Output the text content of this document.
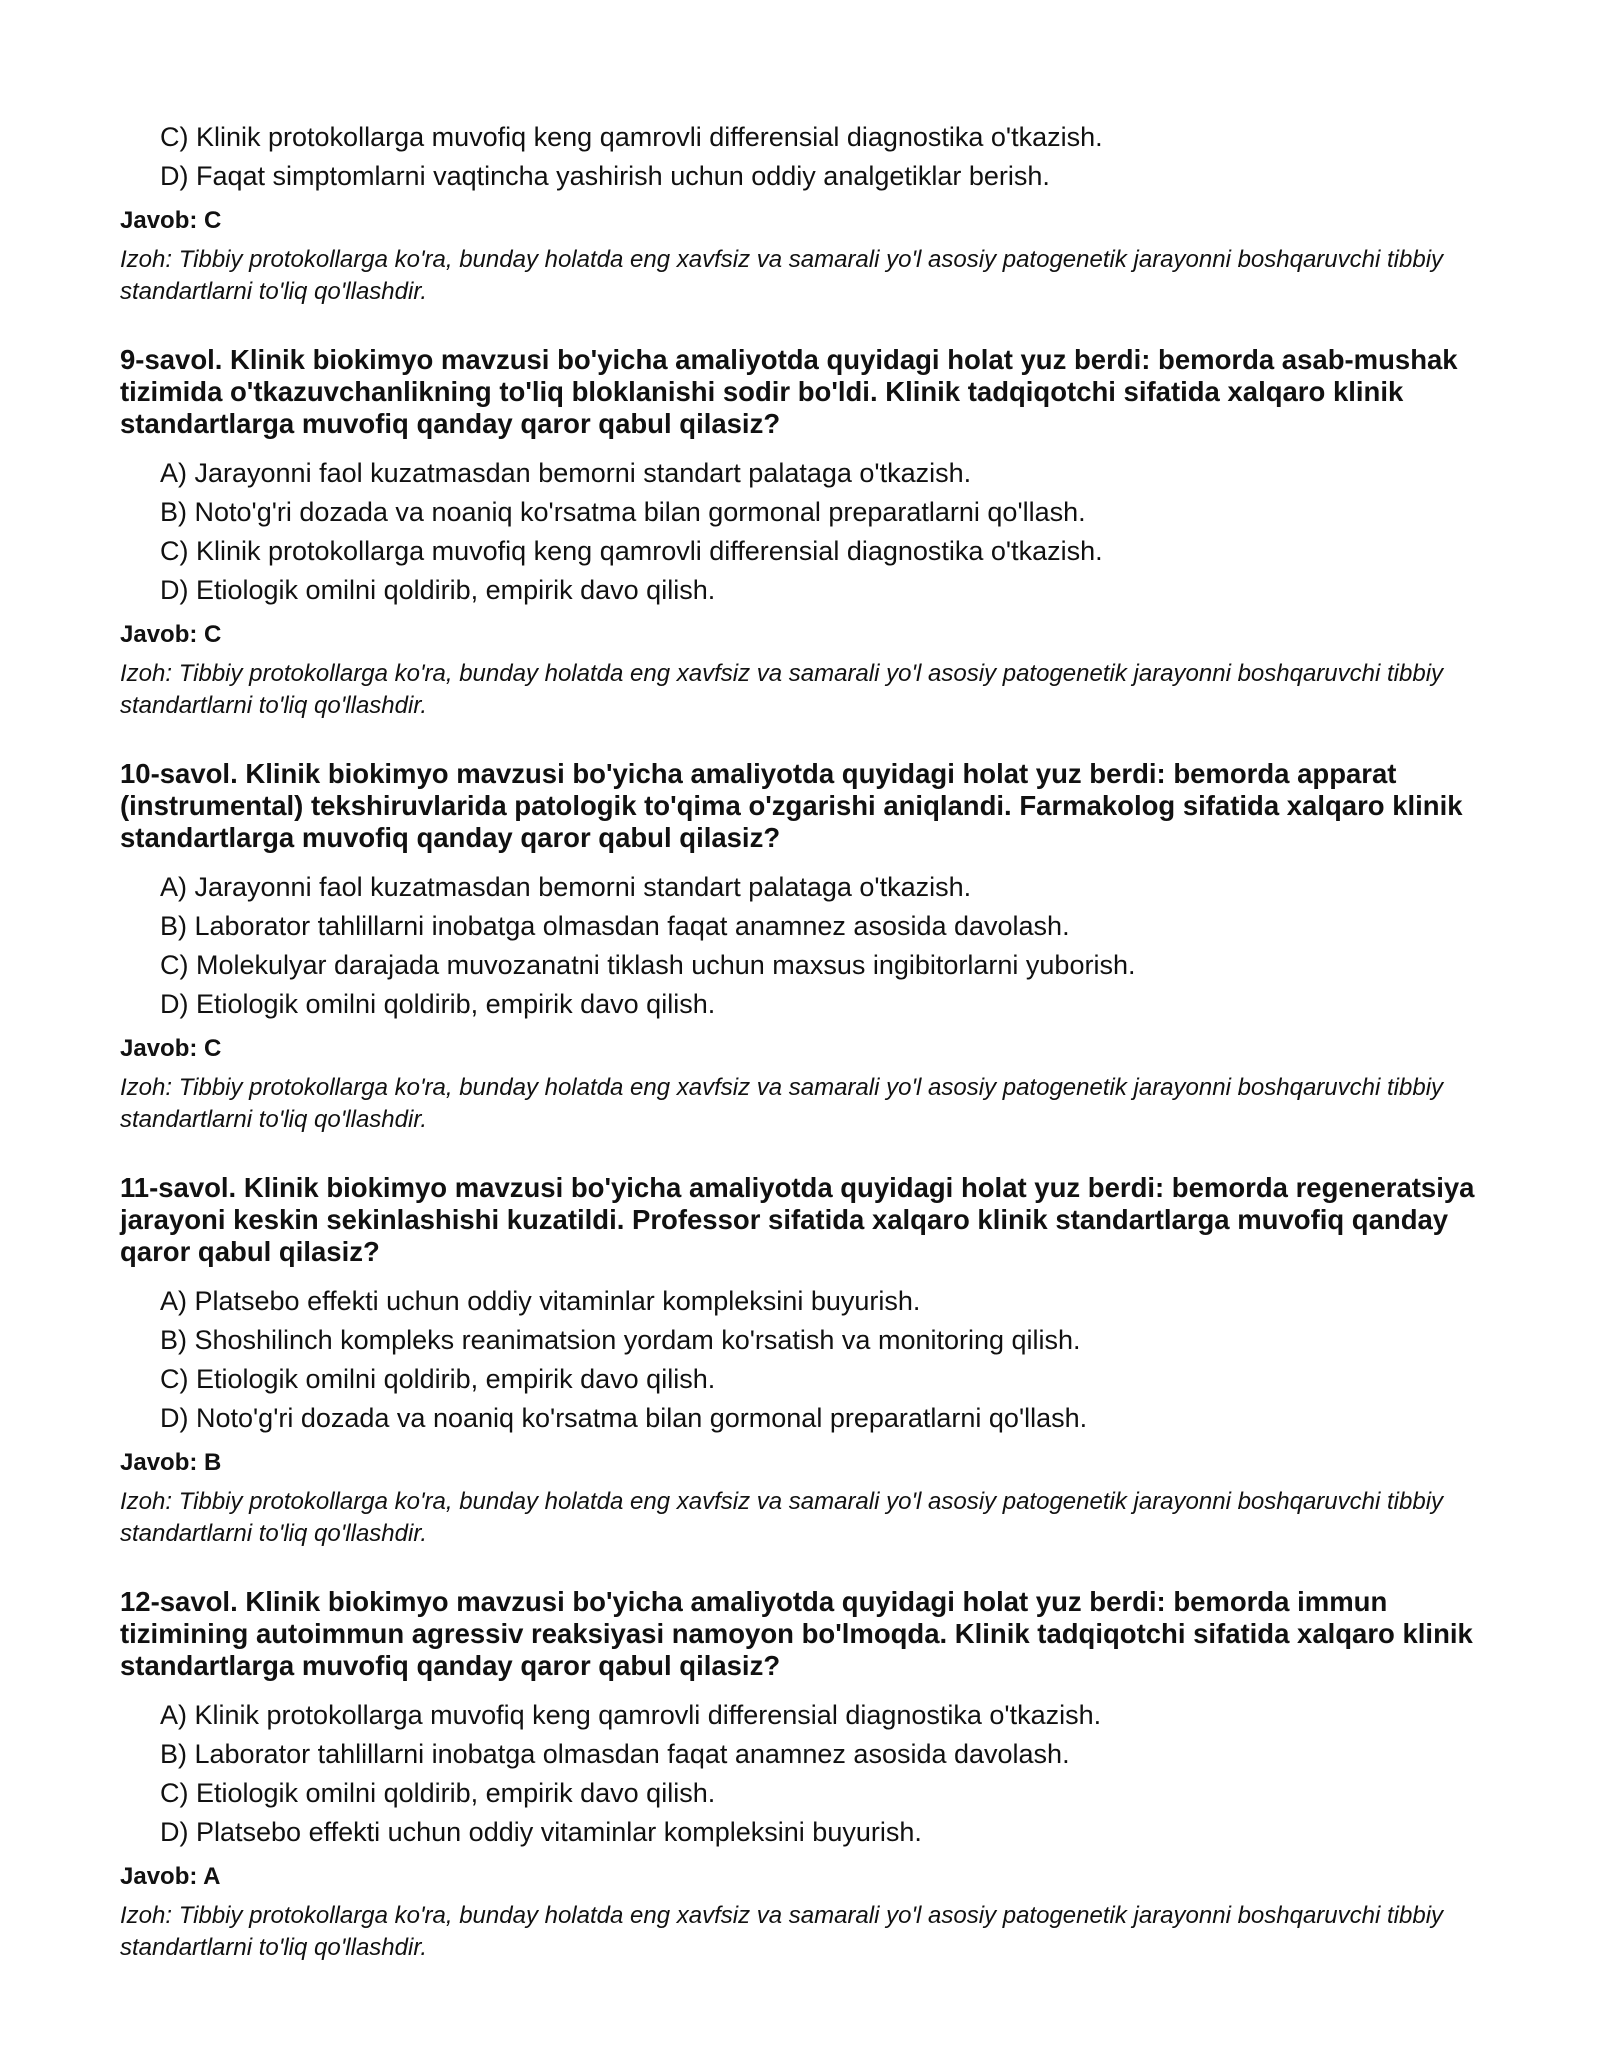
C) Klinik protokollarga muvofiq keng qamrovli differensial diagnostika o'tkazish.
D) Faqat simptomlarni vaqtincha yashirish uchun oddiy analgetiklar berish.
Javob: C
Izoh: Tibbiy protokollarga ko'ra, bunday holatda eng xavfsiz va samarali yo'l asosiy patogenetik jarayonni boshqaruvchi tibbiy standartlarni to'liq qo'llashdir.
9-savol. Klinik biokimyo mavzusi bo'yicha amaliyotda quyidagi holat yuz berdi: bemorda asab-mushak tizimida o'tkazuvchanlikning to'liq bloklanishi sodir bo'ldi. Klinik tadqiqotchi sifatida xalqaro klinik standartlarga muvofiq qanday qaror qabul qilasiz?
A) Jarayonni faol kuzatmasdan bemorni standart palataga o'tkazish.
B) Noto'g'ri dozada va noaniq ko'rsatma bilan gormonal preparatlarni qo'llash.
C) Klinik protokollarga muvofiq keng qamrovli differensial diagnostika o'tkazish.
D) Etiologik omilni qoldirib, empirik davo qilish.
Javob: C
Izoh: Tibbiy protokollarga ko'ra, bunday holatda eng xavfsiz va samarali yo'l asosiy patogenetik jarayonni boshqaruvchi tibbiy standartlarni to'liq qo'llashdir.
10-savol. Klinik biokimyo mavzusi bo'yicha amaliyotda quyidagi holat yuz berdi: bemorda apparat (instrumental) tekshiruvlarida patologik to'qima o'zgarishi aniqlandi. Farmakolog sifatida xalqaro klinik standartlarga muvofiq qanday qaror qabul qilasiz?
A) Jarayonni faol kuzatmasdan bemorni standart palataga o'tkazish.
B) Laborator tahlillarni inobatga olmasdan faqat anamnez asosida davolash.
C) Molekulyar darajada muvozanatni tiklash uchun maxsus ingibitorlarni yuborish.
D) Etiologik omilni qoldirib, empirik davo qilish.
Javob: C
Izoh: Tibbiy protokollarga ko'ra, bunday holatda eng xavfsiz va samarali yo'l asosiy patogenetik jarayonni boshqaruvchi tibbiy standartlarni to'liq qo'llashdir.
11-savol. Klinik biokimyo mavzusi bo'yicha amaliyotda quyidagi holat yuz berdi: bemorda regeneratsiya jarayoni keskin sekinlashishi kuzatildi. Professor sifatida xalqaro klinik standartlarga muvofiq qanday qaror qabul qilasiz?
A) Platsebo effekti uchun oddiy vitaminlar kompleksini buyurish.
B) Shoshilinch kompleks reanimatsion yordam ko'rsatish va monitoring qilish.
C) Etiologik omilni qoldirib, empirik davo qilish.
D) Noto'g'ri dozada va noaniq ko'rsatma bilan gormonal preparatlarni qo'llash.
Javob: B
Izoh: Tibbiy protokollarga ko'ra, bunday holatda eng xavfsiz va samarali yo'l asosiy patogenetik jarayonni boshqaruvchi tibbiy standartlarni to'liq qo'llashdir.
12-savol. Klinik biokimyo mavzusi bo'yicha amaliyotda quyidagi holat yuz berdi: bemorda immun tizimining autoimmun agressiv reaksiyasi namoyon bo'lmoqda. Klinik tadqiqotchi sifatida xalqaro klinik standartlarga muvofiq qanday qaror qabul qilasiz?
A) Klinik protokollarga muvofiq keng qamrovli differensial diagnostika o'tkazish.
B) Laborator tahlillarni inobatga olmasdan faqat anamnez asosida davolash.
C) Etiologik omilni qoldirib, empirik davo qilish.
D) Platsebo effekti uchun oddiy vitaminlar kompleksini buyurish.
Javob: A
Izoh: Tibbiy protokollarga ko'ra, bunday holatda eng xavfsiz va samarali yo'l asosiy patogenetik jarayonni boshqaruvchi tibbiy standartlarni to'liq qo'llashdir.
